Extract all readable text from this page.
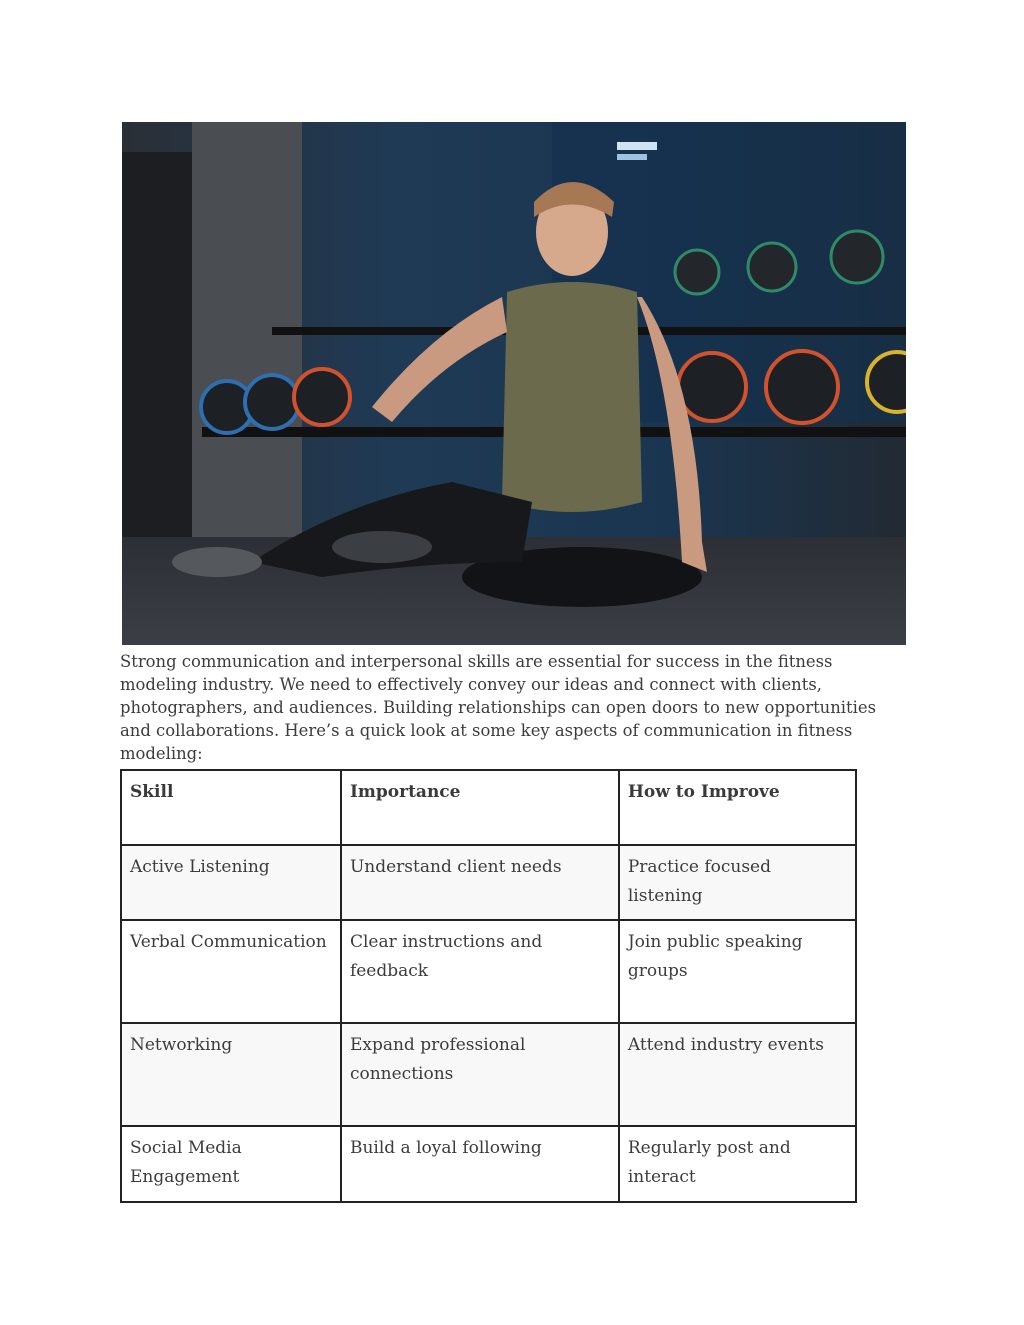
Strong communication and interpersonal skills are essential for success in the fitness modeling industry. We need to effectively convey our ideas and connect with clients, photographers, and audiences. Building relationships can open doors to new opportunities and collaborations. Here’s a quick look at some key aspects of communication in fitness modeling:

Skill	Importance	How to Improve
Active Listening	Understand client needs	Practice focused listening
Verbal Communication	Clear instructions and feedback	Join public speaking groups
Networking	Expand professional connections	Attend industry events
Social Media Engagement	Build a loyal following	Regularly post and interact
